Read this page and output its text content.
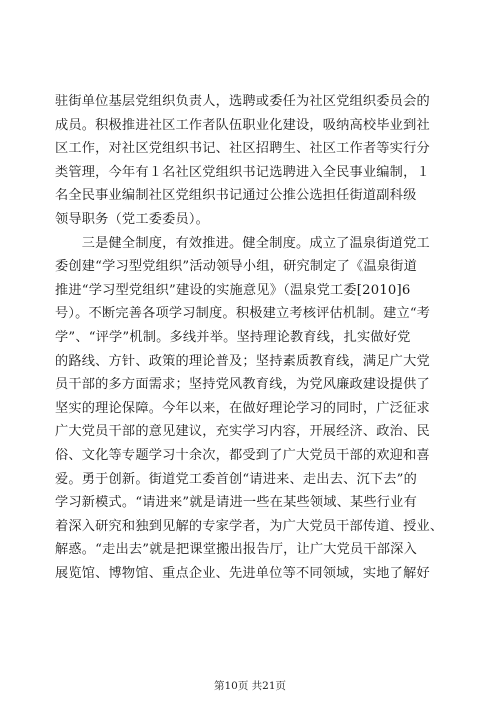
驻街单位基层党组织负责人，选聘或委任为社区党组织委员会的
成员。积极推进社区工作者队伍职业化建设，吸纳高校毕业到社
区工作，对社区党组织书记、社区招聘生、社区工作者等实行分
类管理，今年有１名社区党组织书记选聘进入全民事业编制，１
名全民事业编制社区党组织书记通过公推公选担任街道副科级
领导职务（党工委委员）。
　　三是健全制度，有效推进。健全制度。成立了温泉街道党工
委创建“学习型党组织”活动领导小组，研究制定了《温泉街道
推进“学习型党组织”建设的实施意见》（温泉党工委[2010]6
号）。不断完善各项学习制度。积极建立考核评估机制。建立“考
学”、“评学”机制。多线并举。坚持理论教育线，扎实做好党
的路线、方针、政策的理论普及；坚持素质教育线，满足广大党
员干部的多方面需求；坚持党风教育线，为党风廉政建设提供了
坚实的理论保障。今年以来，在做好理论学习的同时，广泛征求
广大党员干部的意见建议，充实学习内容，开展经济、政治、民
俗、文化等专题学习十余次，都受到了广大党员干部的欢迎和喜
爱。勇于创新。街道党工委首创“请进来、走出去、沉下去”的
学习新模式。“请进来”就是请进一些在某些领域、某些行业有
着深入研究和独到见解的专家学者，为广大党员干部传道、授业、
解惑。“走出去”就是把课堂搬出报告厅，让广大党员干部深入
展览馆、博物馆、重点企业、先进单位等不同领域，实地了解好
第10页 共21页
